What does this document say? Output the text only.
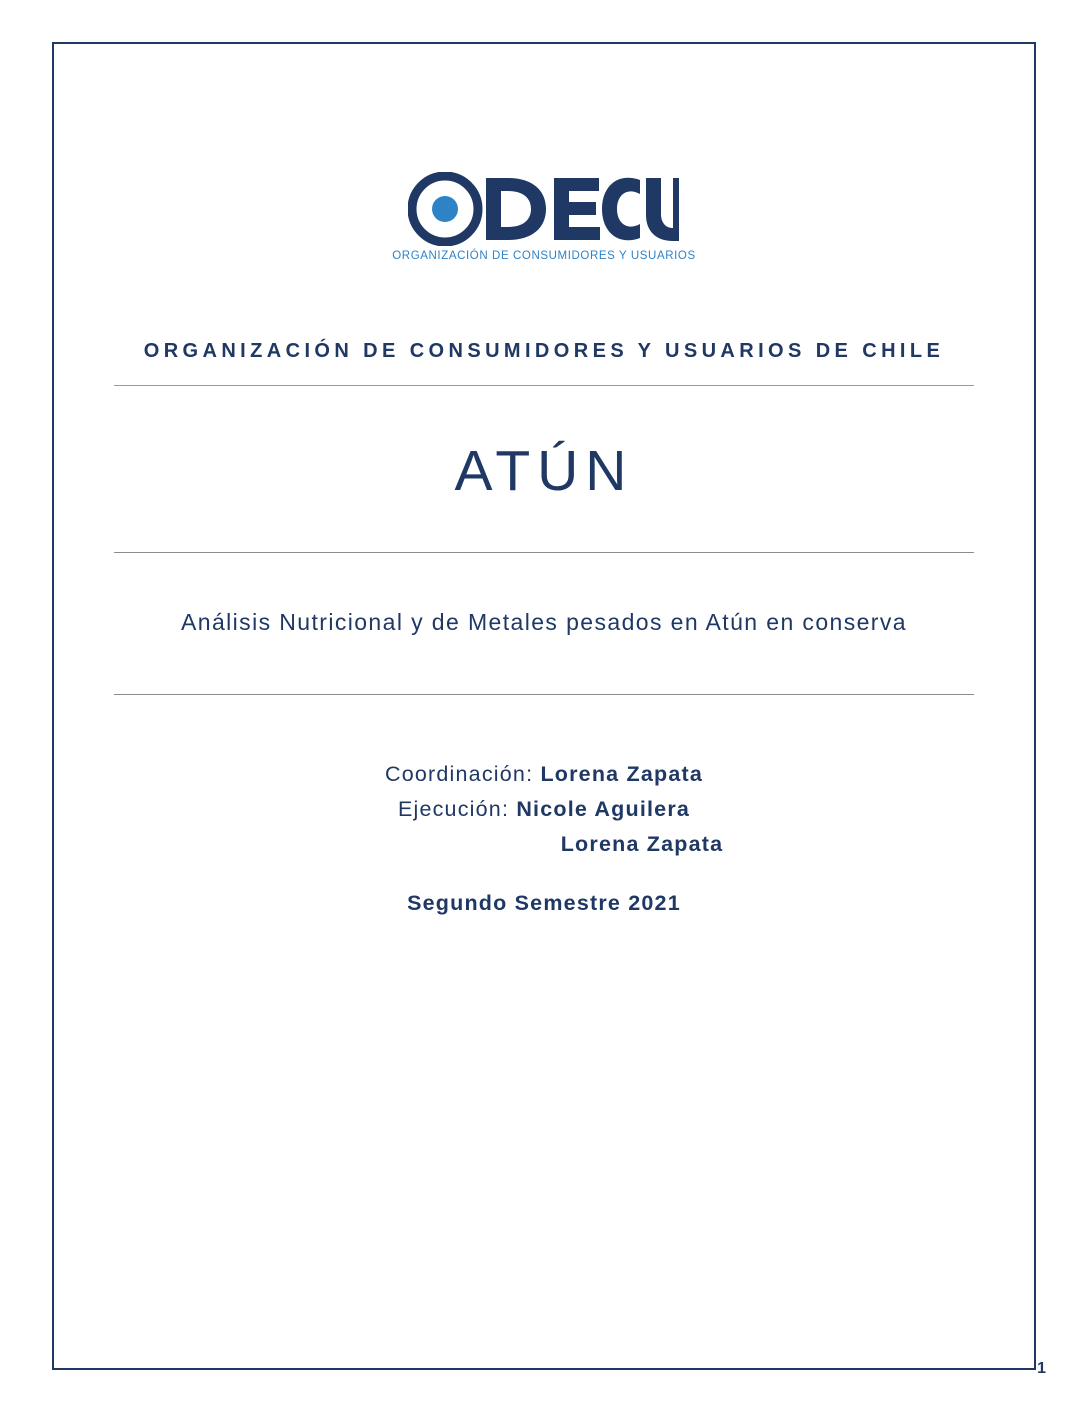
ORGANIZACIÓN DE CONSUMIDORES Y USUARIOS
ORGANIZACIÓN DE CONSUMIDORES Y USUARIOS DE CHILE
ATÚN
Análisis Nutricional y de Metales pesados en Atún en conserva
Coordinación: Lorena Zapata
Ejecución: Nicole Aguilera
Lorena Zapata
Segundo Semestre 2021
1
